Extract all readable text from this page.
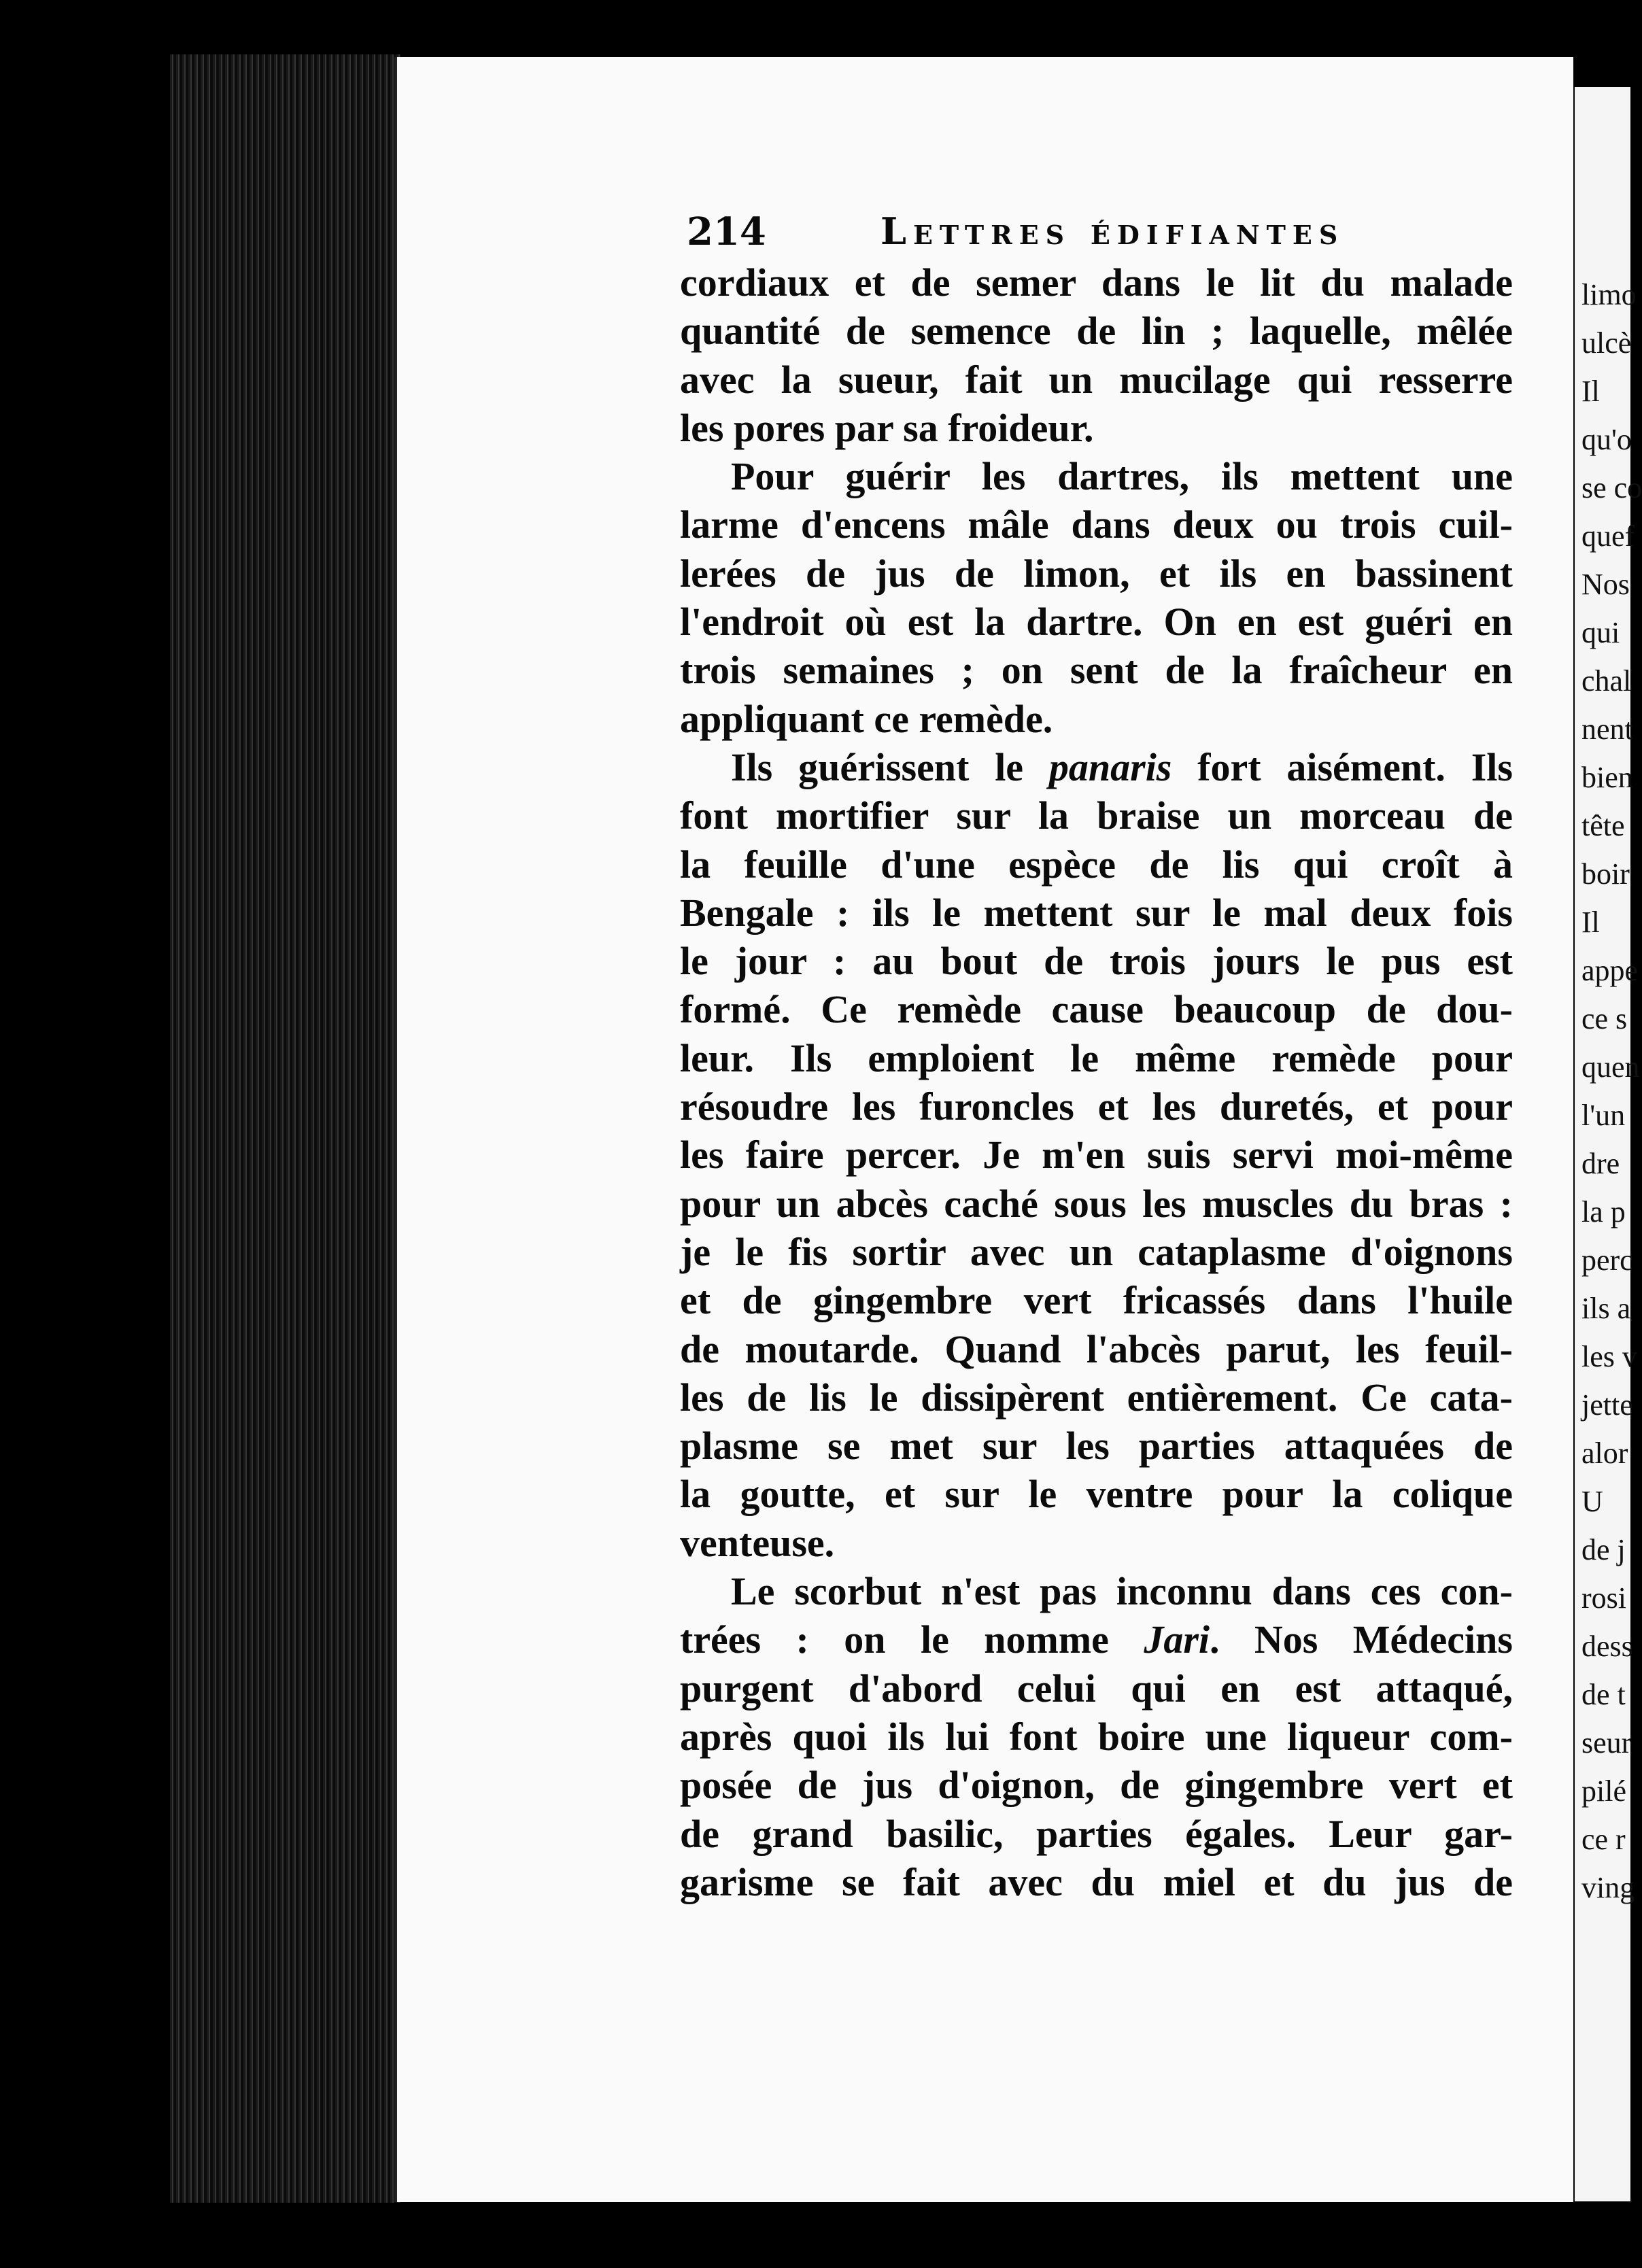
214	Lettres édifiantes
cordiaux et de semer dans le lit du malade
quantité de semence de lin ; laquelle, mêlée
avec la sueur, fait un mucilage qui resserre
les pores par sa froideur.
Pour guérir les dartres, ils mettent une
larme d'encens mâle dans deux ou trois cuil-
lerées de jus de limon, et ils en bassinent
l'endroit où est la dartre. On en est guéri en
trois semaines ; on sent de la fraîcheur en
appliquant ce remède.
Ils guérissent le panaris fort aisément. Ils
font mortifier sur la braise un morceau de
la feuille d'une espèce de lis qui croît à
Bengale : ils le mettent sur le mal deux fois
le jour : au bout de trois jours le pus est
formé. Ce remède cause beaucoup de dou-
leur. Ils emploient le même remède pour
résoudre les furoncles et les duretés, et pour
les faire percer. Je m'en suis servi moi-même
pour un abcès caché sous les muscles du bras :
je le fis sortir avec un cataplasme d'oignons
et de gingembre vert fricassés dans l'huile
de moutarde. Quand l'abcès parut, les feuil-
les de lis le dissipèrent entièrement. Ce cata-
plasme se met sur les parties attaquées de
la goutte, et sur le ventre pour la colique
venteuse.
Le scorbut n'est pas inconnu dans ces con-
trées : on le nomme Jari. Nos Médecins
purgent d'abord celui qui en est attaqué,
après quoi ils lui font boire une liqueur com-
posée de jus d'oignon, de gingembre vert et
de grand basilic, parties égales. Leur gar-
garisme se fait avec du miel et du jus de
limo
ulcè
Il
qu'o
se co
quef
Nos
qui
chal
nent
bien
tête
boir
Il
appe
ce s
quen
l'un
dre
la p
perc
ils a
les v
jette
alor
U
de j
rosi
dess
de t
seur
pilé
ce r
ving
